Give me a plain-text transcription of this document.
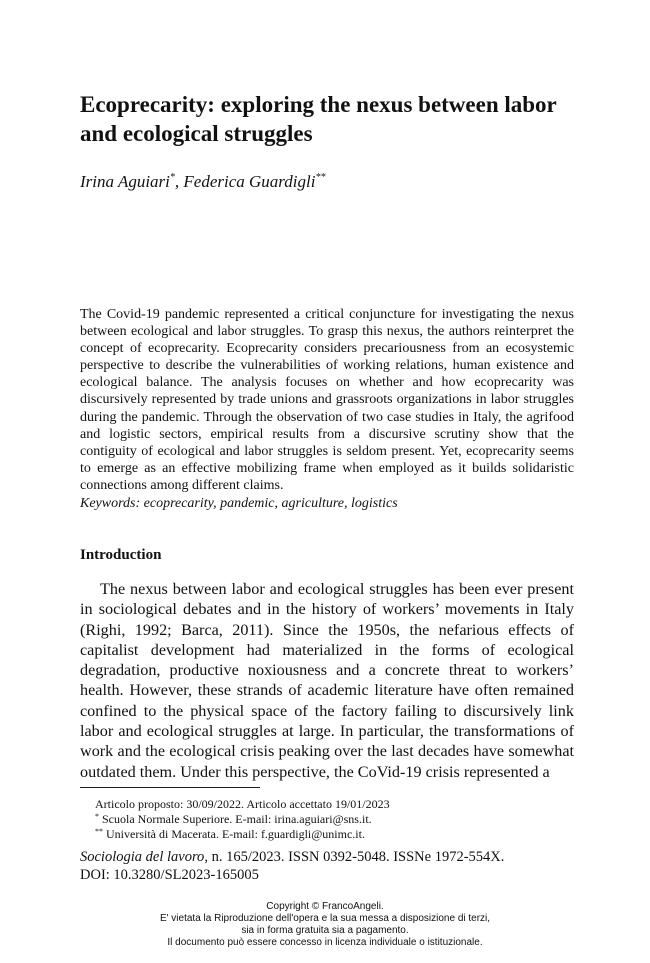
Ecoprecarity: exploring the nexus between labor and ecological struggles
Irina Aguiari*, Federica Guardigli**

The Covid-19 pandemic represented a critical conjuncture for investigating the nexus between ecological and labor struggles. To grasp this nexus, the authors reinterpret the concept of ecoprecarity. Ecoprecarity considers precariousness from an ecosystemic perspective to describe the vulnerabilities of working relations, human existence and ecological balance. The analysis focuses on whether and how ecoprecarity was discursively represented by trade unions and grassroots organizations in labor struggles during the pandemic. Through the observation of two case studies in Italy, the agrifood and logistic sectors, empirical results from a discursive scrutiny show that the contiguity of ecological and labor struggles is seldom present. Yet, ecoprecarity seems to emerge as an effective mobilizing frame when employed as it builds solidaristic connections among different claims.

Keywords: ecoprecarity, pandemic, agriculture, logistics
Introduction

The nexus between labor and ecological struggles has been ever present in sociological debates and in the history of workers’ movements in Italy (Righi, 1992; Barca, 2011). Since the 1950s, the nefarious effects of capitalist development had materialized in the forms of ecological degradation, productive noxiousness and a concrete threat to workers’ health. However, these strands of academic literature have often remained confined to the physical space of the factory failing to discursively link labor and ecological struggles at large. In particular, the transformations of work and the ecological crisis peaking over the last decades have somewhat outdated them. Under this perspective, the CoVid-19 crisis represented a

Articolo proposto: 30/09/2022. Articolo accettato 19/01/2023
* Scuola Normale Superiore. E-mail: irina.aguiari@sns.it.
** Università di Macerata. E-mail: f.guardigli@unimc.it.
Sociologia del lavoro, n. 165/2023. ISSN 0392-5048. ISSNe 1972-554X.
DOI: 10.3280/SL2023-165005
Copyright © FrancoAngeli.
E' vietata la Riproduzione dell'opera e la sua messa a disposizione di terzi,
sia in forma gratuita sia a pagamento.
Il documento può essere concesso in licenza individuale o istituzionale.
